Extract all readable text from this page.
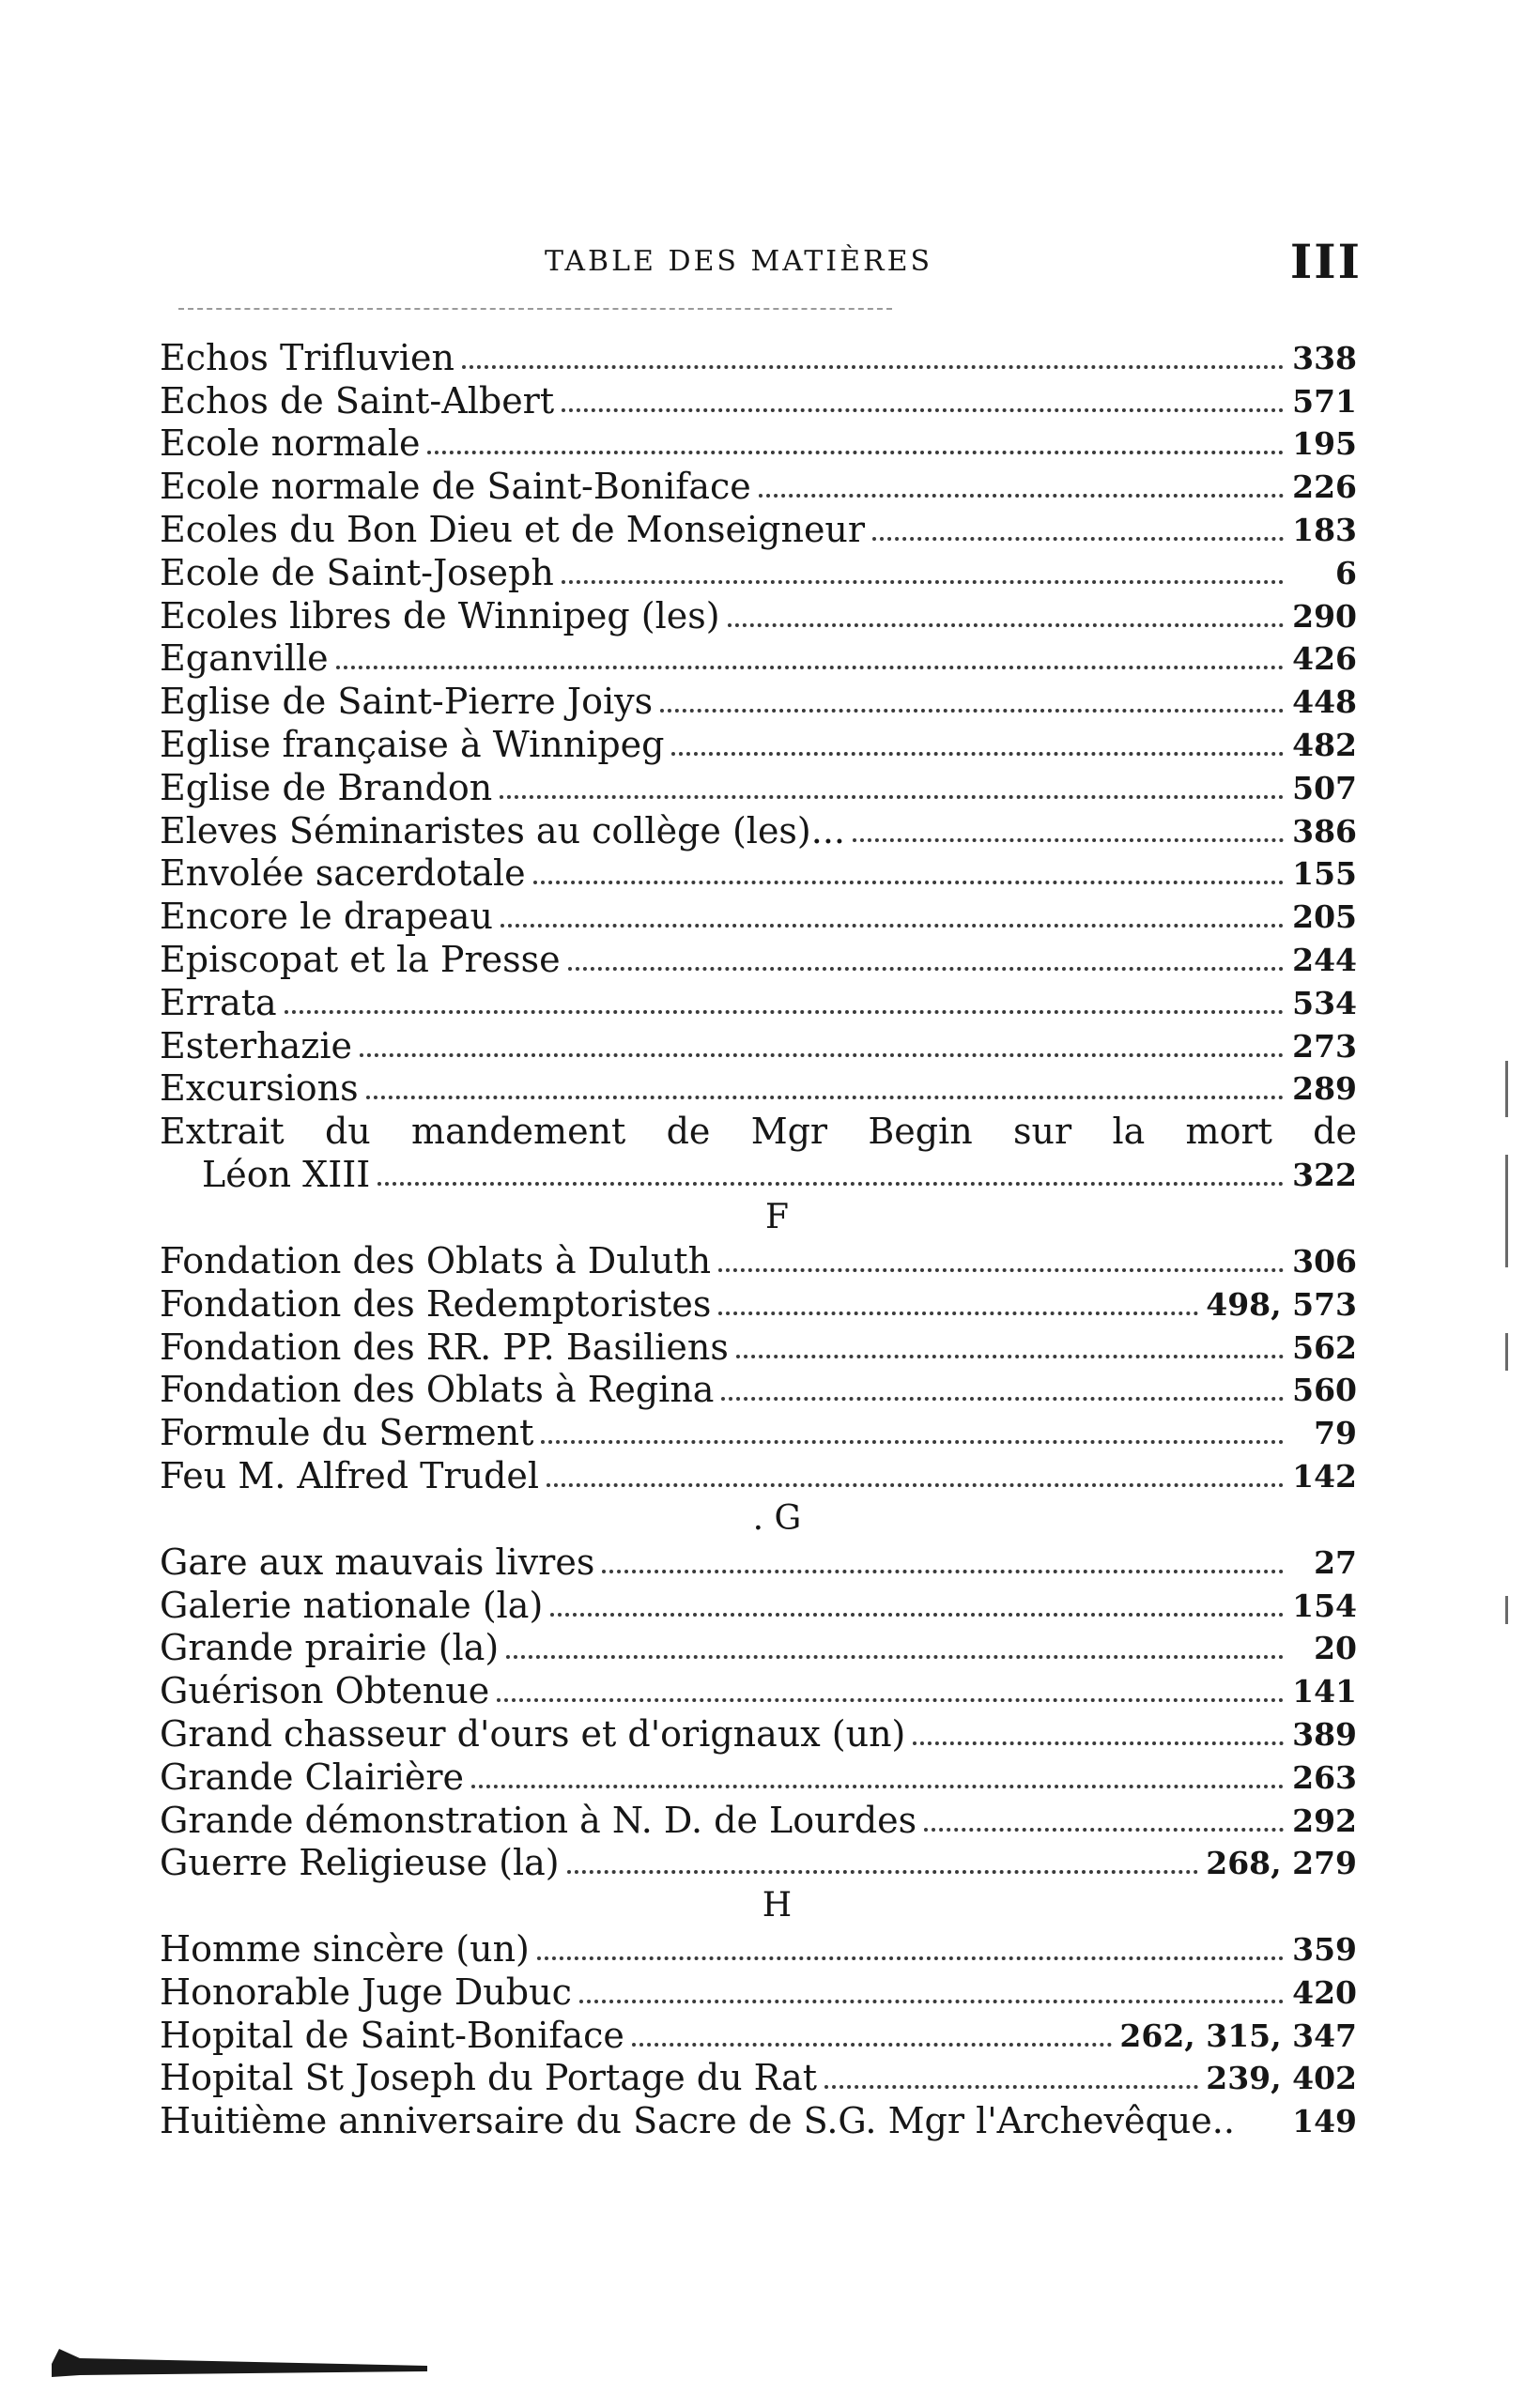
TABLE DES MATIÈRES	III
Echos Trifluvien	338
Echos de Saint-Albert	571
Ecole normale	195
Ecole normale de Saint-Boniface	226
Ecoles du Bon Dieu et de Monseigneur	183
Ecole de Saint-Joseph	6
Ecoles libres de Winnipeg (les)	290
Eganville	426
Eglise de Saint-Pierre Joiys	448
Eglise française à Winnipeg	482
Eglise de Brandon	507
Eleves Séminaristes au collège (les)...	386
Envolée sacerdotale	155
Encore le drapeau	205
Episcopat et la Presse	244
Errata	534
Esterhazie	273
Excursions	289
Extrait du mandement de Mgr Begin sur la mort de
Léon XIII	322
F
Fondation des Oblats à Duluth	306
Fondation des Redemptoristes	498, 573
Fondation des RR. PP. Basiliens	562
Fondation des Oblats à Regina	560
Formule du Serment	79
Feu M. Alfred Trudel	142
. G
Gare aux mauvais livres	27
Galerie nationale (la)	154
Grande prairie (la)	20
Guérison Obtenue	141
Grand chasseur d'ours et d'orignaux (un)	389
Grande Clairière	263
Grande démonstration à N. D. de Lourdes	292
Guerre Religieuse (la)	268, 279
H
Homme sincère (un)	359
Honorable Juge Dubuc	420
Hopital de Saint-Boniface	262, 315, 347
Hopital St Joseph du Portage du Rat	239, 402
Huitième anniversaire du Sacre de S.G. Mgr l'Archevêque.. 149
